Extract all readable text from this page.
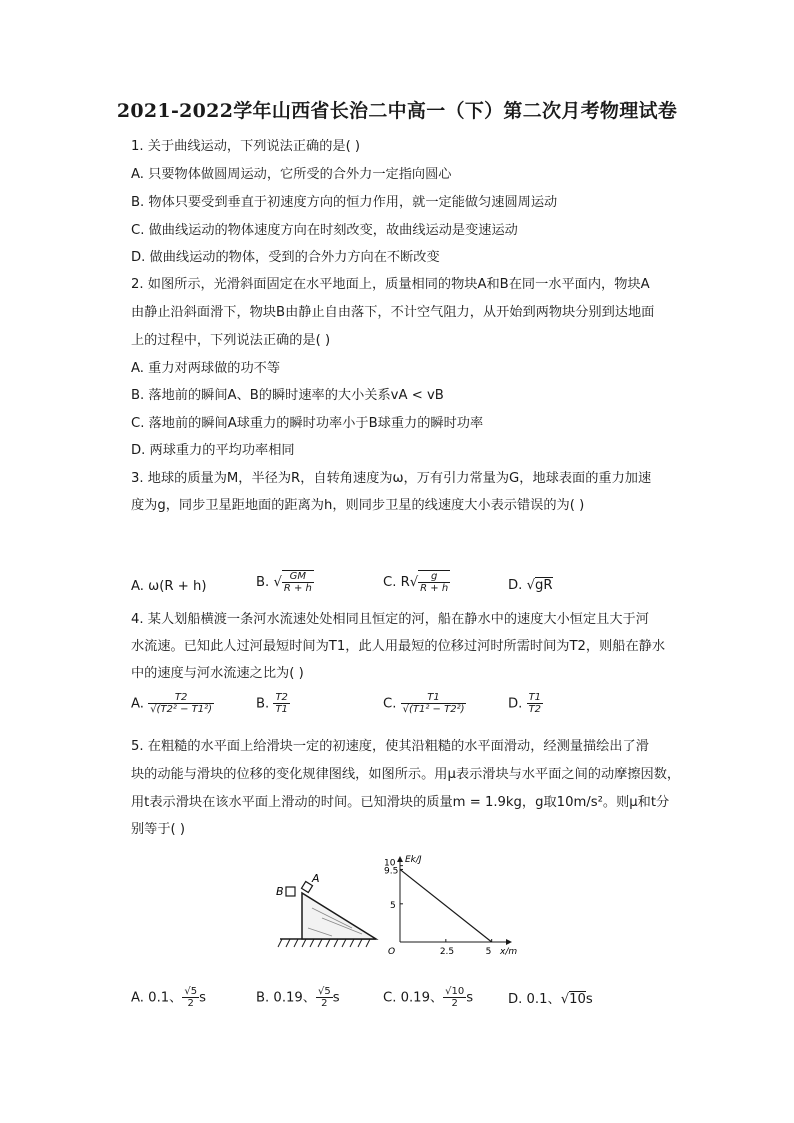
2021-2022学年山西省长治二中高一（下）第二次月考物理试卷
1. 关于曲线运动，下列说法正确的是( )
A. 只要物体做圆周运动，它所受的合外力一定指向圆心
B. 物体只要受到垂直于初速度方向的恒力作用，就一定能做匀速圆周运动
C. 做曲线运动的物体速度方向在时刻改变，故曲线运动是变速运动
D. 做曲线运动的物体，受到的合外力方向在不断改变
2. 如图所示，光滑斜面固定在水平地面上，质量相同的物块A和B在同一水平面内，物块A
由静止沿斜面滑下，物块B由静止自由落下，不计空气阻力，从开始到两物块分别到达地面
上的过程中，下列说法正确的是( )
A. 重力对两球做的功不等
B. 落地前的瞬间A、B的瞬时速率的大小关系vA < vB
C. 落地前的瞬间A球重力的瞬时功率小于B球重力的瞬时功率
D. 两球重力的平均功率相同
3. 地球的质量为M，半径为R，自转角速度为ω，万有引力常量为G，地球表面的重力加速
度为g，同步卫星距地面的距离为h，则同步卫星的线速度大小表示错误的为( )
A. ω(R + h)	B. √ $\frac{GM}{R + h}$	C. $R√ \frac{g}{R + h}$	D. √gR
4. 某人划船横渡一条河水流速处处相同且恒定的河，船在静水中的速度大小恒定且大于河
水流速。已知此人过河最短时间为T1，此人用最短的位移过河时所需时间为T2，则船在静水
中的速度与河水流速之比为( )
A. $\frac{T2}{\text{√(T2² − T1²)}}$	B. $\frac{T2}{T1}$	C. $\frac{T1}{\text{√(T1² − T2²)}}$	D. $\frac{T1}{T2}$
5. 在粗糙的水平面上给滑块一定的初速度，使其沿粗糙的水平面滑动，经测量描绘出了滑
块的动能与滑块的位移的变化规律图线，如图所示。用μ表示滑块与水平面之间的动摩擦因数，
用t表示滑块在该水平面上滑动的时间。已知滑块的质量m = 1.9kg，g取10m/s²。则μ和t分
别等于( )
B
A
Ek/J
x/m
O	2.5	5
5
9.5
10
A. 0.1、 $\frac{√5}{2}$ s	B. 0.19、 $\frac{√5}{2}$ s	C. 0.19、 $\frac{√10}{2}$ s	D. 0.1、√10s
